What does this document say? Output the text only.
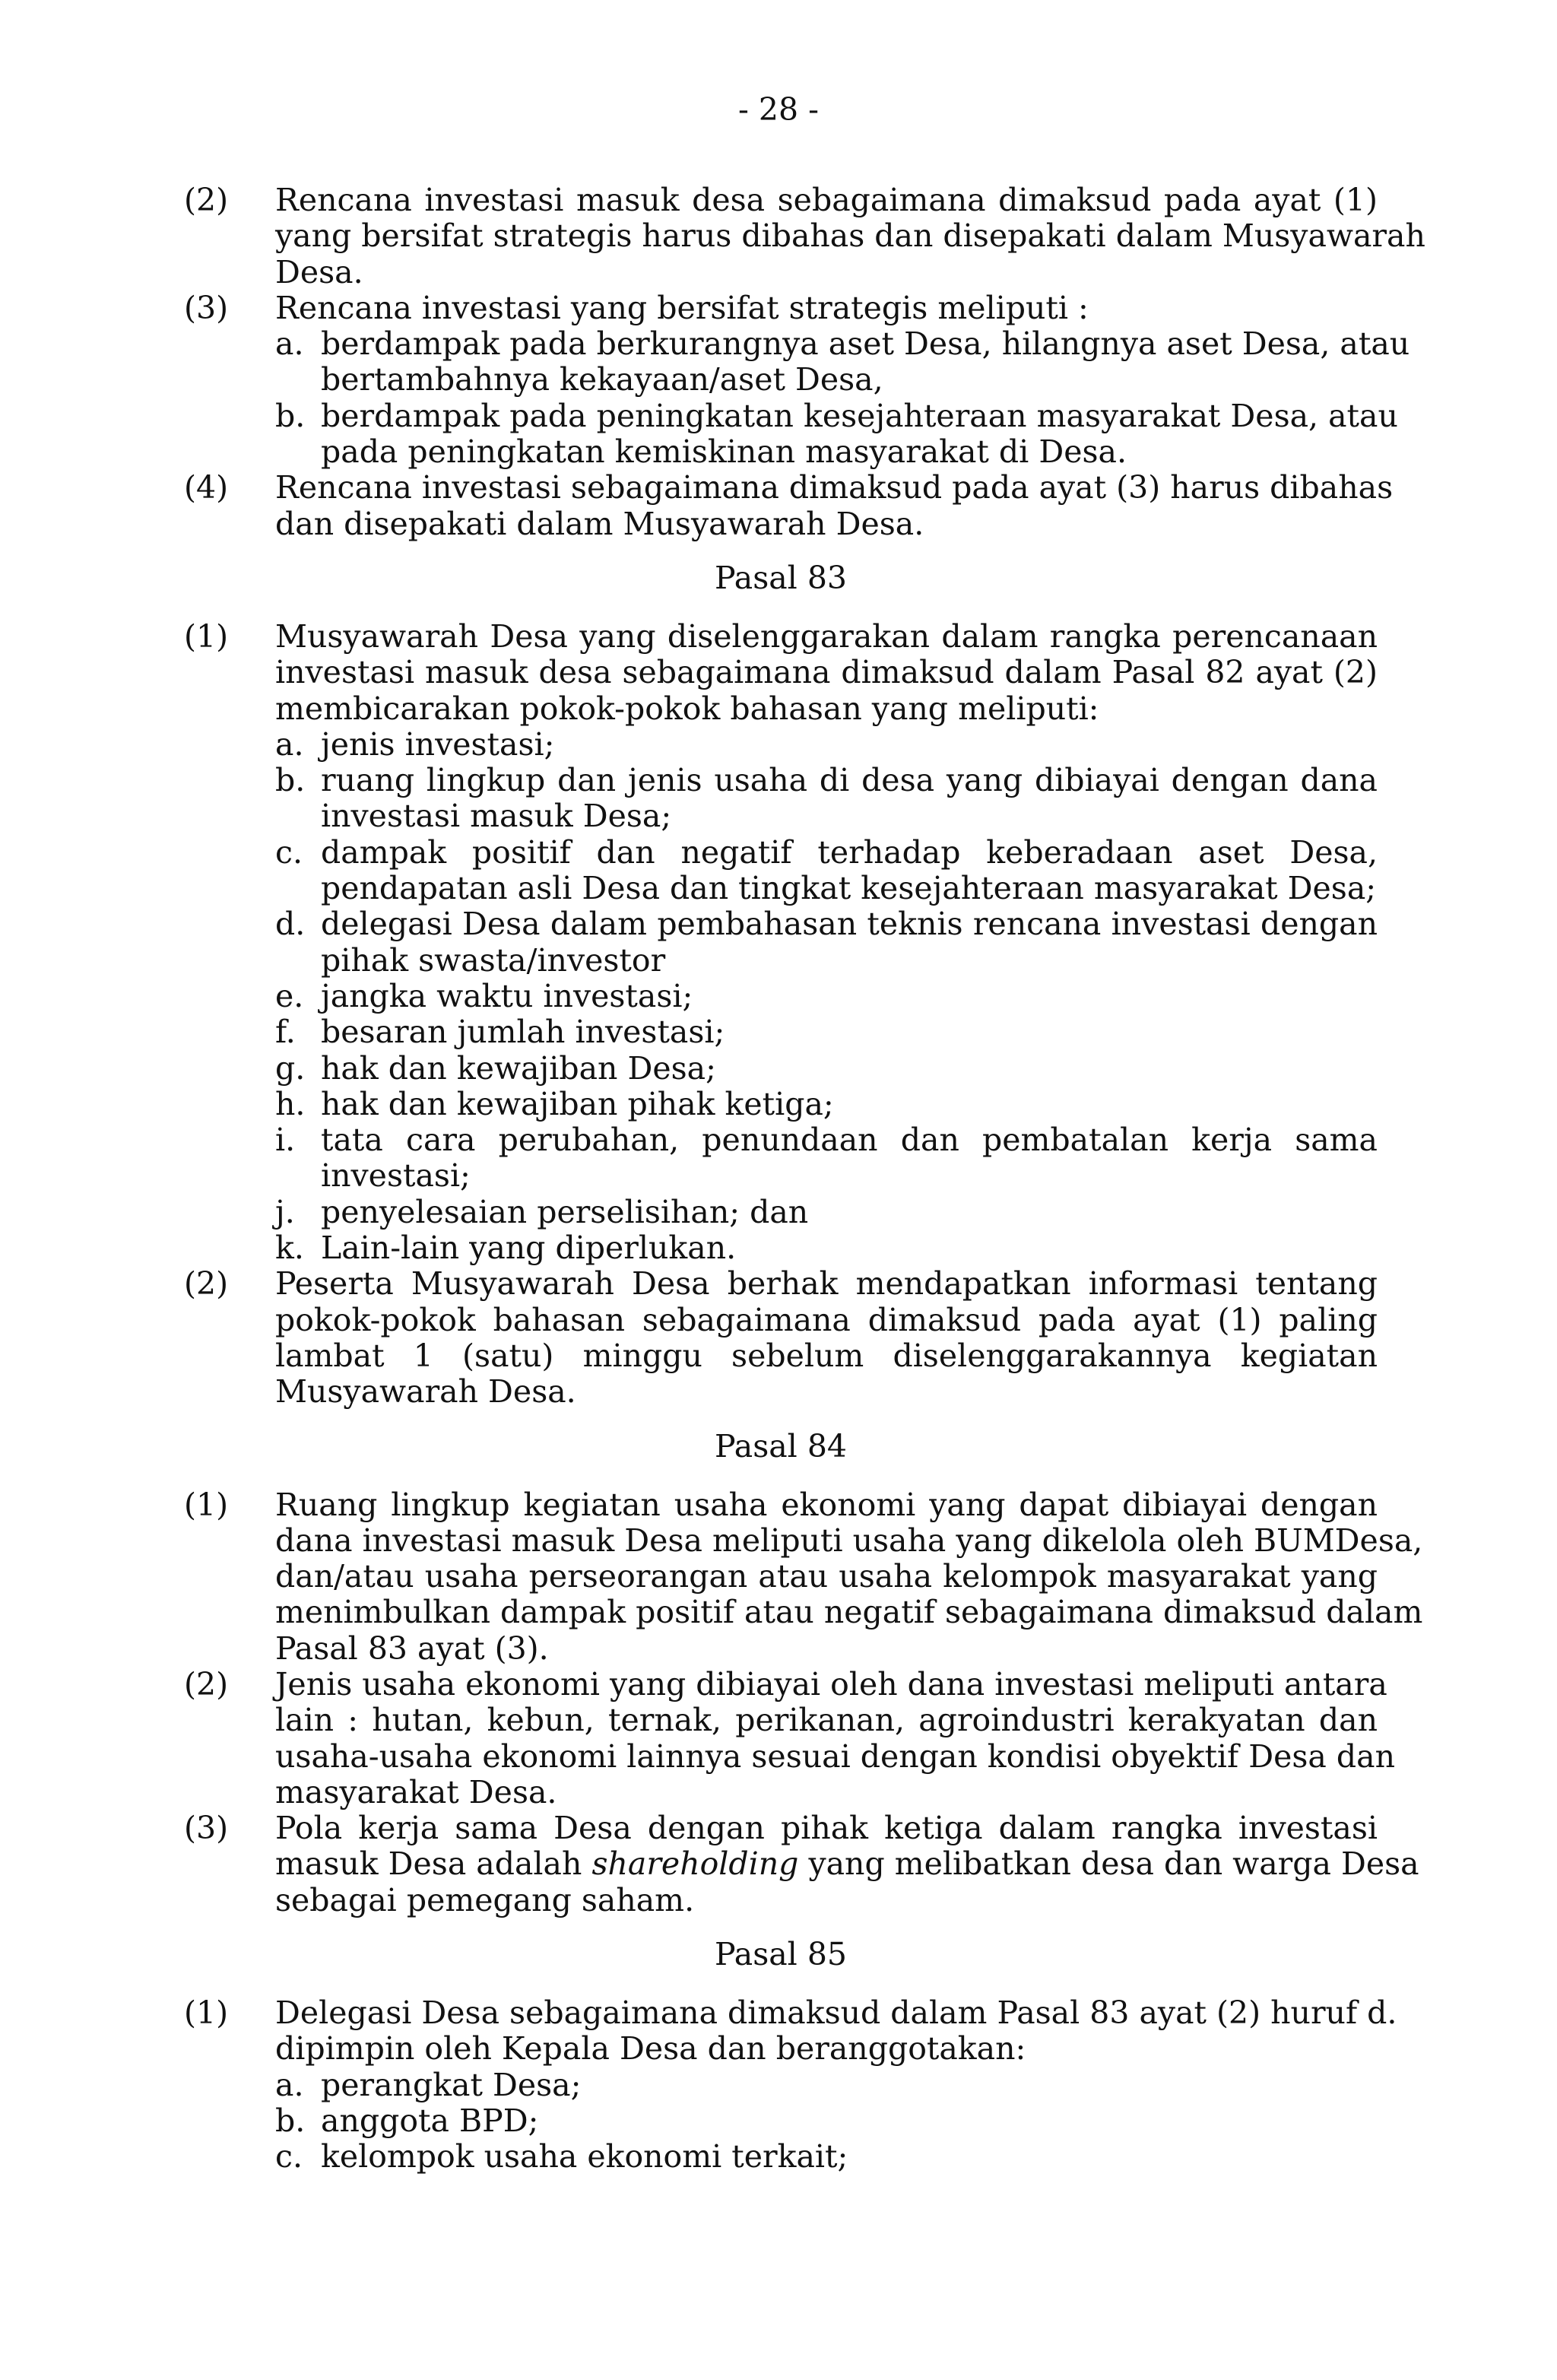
- 28 -
(2) Rencana investasi masuk desa sebagaimana dimaksud pada ayat (1)
yang bersifat strategis harus dibahas dan disepakati dalam Musyawarah
Desa.
(3) Rencana investasi yang bersifat strategis meliputi :
a. berdampak pada berkurangnya aset Desa, hilangnya aset Desa, atau
bertambahnya kekayaan/aset Desa,
b. berdampak pada peningkatan kesejahteraan masyarakat Desa, atau
pada peningkatan kemiskinan masyarakat di Desa.
(4) Rencana investasi sebagaimana dimaksud pada ayat (3) harus dibahas
dan disepakati dalam Musyawarah Desa.
Pasal 83
(1) Musyawarah Desa yang diselenggarakan dalam rangka perencanaan
investasi masuk desa sebagaimana dimaksud dalam Pasal 82 ayat (2)
membicarakan pokok-pokok bahasan yang meliputi:
a. jenis investasi;
b. ruang lingkup dan jenis usaha di desa yang dibiayai dengan dana
investasi masuk Desa;
c. dampak positif dan negatif terhadap keberadaan aset Desa,
pendapatan asli Desa dan tingkat kesejahteraan masyarakat Desa;
d. delegasi Desa dalam pembahasan teknis rencana investasi dengan
pihak swasta/investor
e. jangka waktu investasi;
f. besaran jumlah investasi;
g. hak dan kewajiban Desa;
h. hak dan kewajiban pihak ketiga;
i. tata cara perubahan, penundaan dan pembatalan kerja sama
investasi;
j. penyelesaian perselisihan; dan
k. Lain-lain yang diperlukan.
(2) Peserta Musyawarah Desa berhak mendapatkan informasi tentang
pokok-pokok bahasan sebagaimana dimaksud pada ayat (1) paling
lambat 1 (satu) minggu sebelum diselenggarakannya kegiatan
Musyawarah Desa.
Pasal 84
(1) Ruang lingkup kegiatan usaha ekonomi yang dapat dibiayai dengan
dana investasi masuk Desa meliputi usaha yang dikelola oleh BUMDesa,
dan/atau usaha perseorangan atau usaha kelompok masyarakat yang
menimbulkan dampak positif atau negatif sebagaimana dimaksud dalam
Pasal 83 ayat (3).
(2) Jenis usaha ekonomi yang dibiayai oleh dana investasi meliputi antara
lain : hutan, kebun, ternak, perikanan, agroindustri kerakyatan dan
usaha-usaha ekonomi lainnya sesuai dengan kondisi obyektif Desa dan
masyarakat Desa.
(3) Pola kerja sama Desa dengan pihak ketiga dalam rangka investasi
masuk Desa adalah shareholding yang melibatkan desa dan warga Desa
sebagai pemegang saham.
Pasal 85
(1) Delegasi Desa sebagaimana dimaksud dalam Pasal 83 ayat (2) huruf d.
dipimpin oleh Kepala Desa dan beranggotakan:
a. perangkat Desa;
b. anggota BPD;
c. kelompok usaha ekonomi terkait;
